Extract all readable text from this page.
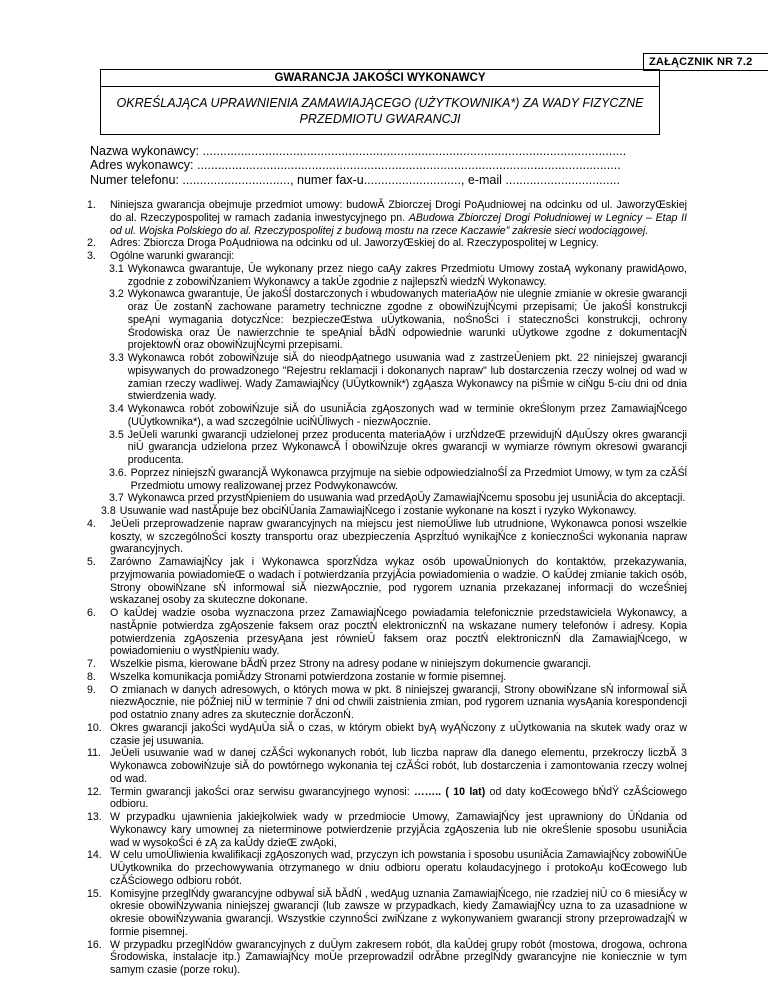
ZAŁĄCZNIK NR 7.2
GWARANCJA JAKOŚCI WYKONAWCY
OKREŚLAJĄCA UPRAWNIENIA ZAMAWIAJĄCEGO (UŻYTKOWNIKA*) ZA WADY FIZYCZNE
PRZEDMIOTU GWARANCJI
Nazwa wykonawcy: ..........................................................................................................................
Adres wykonawcy: ..........................................................................................................................
Numer telefonu: ..............................., numer fax-u............................, e-mail .................................
1.	Niniejsza gwarancja obejmuje przedmiot umowy: budowĂ Zbiorczej Drogi PoĄudniowej na odcinku od ul. JaworzyŒskiej do al. Rzeczypospolitej w ramach zadania inwestycyjnego pn. ABudowa Zbiorczej Drogi Południowej w Legnicy – Etap II od ul. Wojska Polskiego do al. Rzeczypospolitej z budową mostu na rzece Kaczawie” zakresie sieci wodociągowej.
2.	Adres: Zbiorcza Droga PoĄudniowa na odcinku od ul. JaworzyŒskiej do al. Rzeczypospolitej w Legnicy.
3.	Ogólne warunki gwarancji:
3.1 Wykonawca gwarantuje, Ūe wykonany przez niego caĄy zakres Przedmiotu Umowy zostaĄ wykonany prawidĄowo, zgodnie z zobowiŃzaniem Wykonawcy a takŪe zgodnie z najlepszŃ wiedzŃ Wykonawcy.
3.2 Wykonawca gwarantuje, Ūe jakoŚĺ dostarczonych i wbudowanych materiaĄów nie ulegnie zmianie w okresie gwarancji oraz Ūe zostanŃ zachowane parametry techniczne zgodne z obowiŃzujŃcymi przepisami; Ūe jakoŚĺ konstrukcji speĄni wymagania dotyczŃce: bezpieczeŒstwa uŪytkowania, noŚnoŚci i statecznoŚci konstrukcji, ochrony Środowiska oraz Ūe nawierzchnie te speĄniaĺ bĂdŃ odpowiednie warunki uŪytkowe zgodne z dokumentacjŃ projektowŃ oraz obowiŃzujŃcymi przepisami.
3.3 Wykonawca robót zobowiŃzuje siĂ do nieodpĄatnego usuwania wad z zastrzeŪeniem pkt. 22 niniejszej gwarancji wpisywanych do prowadzonego "Rejestru reklamacji i dokonanych napraw" lub dostarczenia rzeczy wolnej od wad w zamian rzeczy wadliwej. Wady ZamawiajŃcy (UŪytkownik*) zgĄasza Wykonawcy na piŚmie w ciŃgu 5-ciu dni od dnia stwierdzenia wady.
3.4 Wykonawca robót zobowiŃzuje siĂ do usuniĂcia zgĄoszonych wad w terminie okreŚlonym przez ZamawiajŃcego (UŪytkownika*), a wad szczególnie uciŃŪliwych - niezwĄocznie.
3.5 JeŪeli warunki gwarancji udzielonej przez producenta materiaĄów i urzŃdzeŒ przewidujŃ dĄuŪszy okres gwarancji niŪ gwarancja udzielona przez WykonawcĂ ĺ obowiŃzuje okres gwarancji w wymiarze równym okresowi gwarancji producenta.
3.6. Poprzez niniejszŃ gwarancjĂ Wykonawca przyjmuje na siebie odpowiedzialnoŚĺ za Przedmiot Umowy, w tym za czĂŚĺ Przedmiotu umowy realizowanej przez Podwykonawców.
3.7 Wykonawca przed przystŃpieniem do usuwania wad przedĄoŪy ZamawiajŃcemu sposobu jej usuniĂcia do akceptacji.
3.8 Usuwanie wad nastĂpuje bez obciŃŪania ZamawiajŃcego i zostanie wykonane na koszt i ryzyko Wykonawcy.
4.	JeŪeli przeprowadzenie napraw gwarancyjnych na miejscu jest niemoŪliwe lub utrudnione, Wykonawca ponosi wszelkie koszty, w szczególnoŚci koszty transportu oraz ubezpieczenia Ąsprzĺtuó wynikajŃce z koniecznoŚci wykonania napraw gwarancyjnych.
5.	Zarówno ZamawiajŃcy jak i Wykonawca sporzŃdza wykaz osób upowaŪnionych do kontaktów, przekazywania, przyjmowania powiadomieŒ o wadach i potwierdzania przyjĂcia powiadomienia o wadzie. O kaŪdej zmianie takich osób, Strony obowiŃzane sŃ informowaĺ siĂ niezwĄocznie, pod rygorem uznania przekazanej informacji do wczeŚniej wskazanej osoby za skuteczne dokonane.
6.	O kaŪdej wadzie osoba wyznaczona przez ZamawiajŃcego powiadamia telefonicznie przedstawiciela Wykonawcy, a nastĂpnie potwierdza zgĄoszenie faksem oraz pocztŃ elektronicznŃ na wskazane numery telefonów i adresy. Kopia potwierdzenia zgĄoszenia przesyĄana jest równieŪ faksem oraz pocztŃ elektronicznŃ dla ZamawiajŃcego, w powiadomieniu o wystŃpieniu wady.
7.	Wszelkie pisma, kierowane bĂdŃ przez Strony na adresy podane w niniejszym dokumencie gwarancji.
8.	Wszelka komunikacja pomiĂdzy Stronami potwierdzona zostanie w formie pisemnej.
9.	O zmianach w danych adresowych, o których mowa w pkt. 8 niniejszej gwarancji, Strony obowiŃzane sŃ informowaĺ siĂ niezwĄocznie, nie póŹniej niŪ w terminie 7 dni od chwili zaistnienia zmian, pod rygorem uznania wysĄania korespondencji pod ostatnio znany adres za skutecznie dorĂczonŃ.
10. Okres gwarancji jakoŚci wydĄuŪa siĂ o czas, w którym obiekt byĄ wyĄŃczony z uŪytkowania na skutek wady oraz w czasie jej usuwania.
11. JeŪeli usuwanie wad w danej czĂŚci wykonanych robót, lub liczba napraw dla danego elementu, przekroczy liczbĂ 3 Wykonawca zobowiŃzuje siĂ do powtórnego wykonania tej czĂŚci robót, lub dostarczenia i zamontowania rzeczy wolnej od wad.
12. Termin gwarancji jakoŚci oraz serwisu gwarancyjnego wynosi: …….. ( 10 lat) od daty koŒcowego bŃdŸ czĂŚciowego odbioru.
13. W przypadku ujawnienia jakiejkolwiek wady w przedmiocie Umowy, ZamawiajŃcy jest uprawniony do ŪŃdania od Wykonawcy kary umownej za nieterminowe potwierdzenie przyjĂcia zgĄoszenia lub nie okreŚlenie sposobu usuniĂcia wad w wysokoŚci é zĄ za kaŪdy dzieŒ zwĄoki,
14. W celu umoŪliwienia kwalifikacji zgĄoszonych wad, przyczyn ich powstania i sposobu usuniĂcia ZamawiajŃcy zobowiŃŪe UŪytkownika do przechowywania otrzymanego w dniu odbioru operatu kolaudacyjnego i protokoĄu koŒcowego lub czĂŚciowego odbioru robót.
15. Komisyjne przeglŃdy gwarancyjne odbywaĺ siĂ bĂdŃ , wedĄug uznania ZamawiajŃcego, nie rzadziej niŪ co 6 miesiĂcy w okresie obowiŃzywania niniejszej gwarancji (lub zawsze w przypadkach, kiedy ZamawiajŃcy uzna to za uzasadnione w okresie obowiŃzywania gwarancji. Wszystkie czynnoŚci zwiŃzane z wykonywaniem gwarancji strony przeprowadzajŃ w formie pisemnej.
16. W przypadku przeglŃdów gwarancyjnych z duŪym zakresem robót, dla kaŪdej grupy robót (mostowa, drogowa, ochrona Środowiska, instalacje itp.) ZamawiajŃcy moŪe przeprowadziĺ odrĂbne przeglŃdy gwarancyjne nie koniecznie w tym samym czasie (porze roku).
